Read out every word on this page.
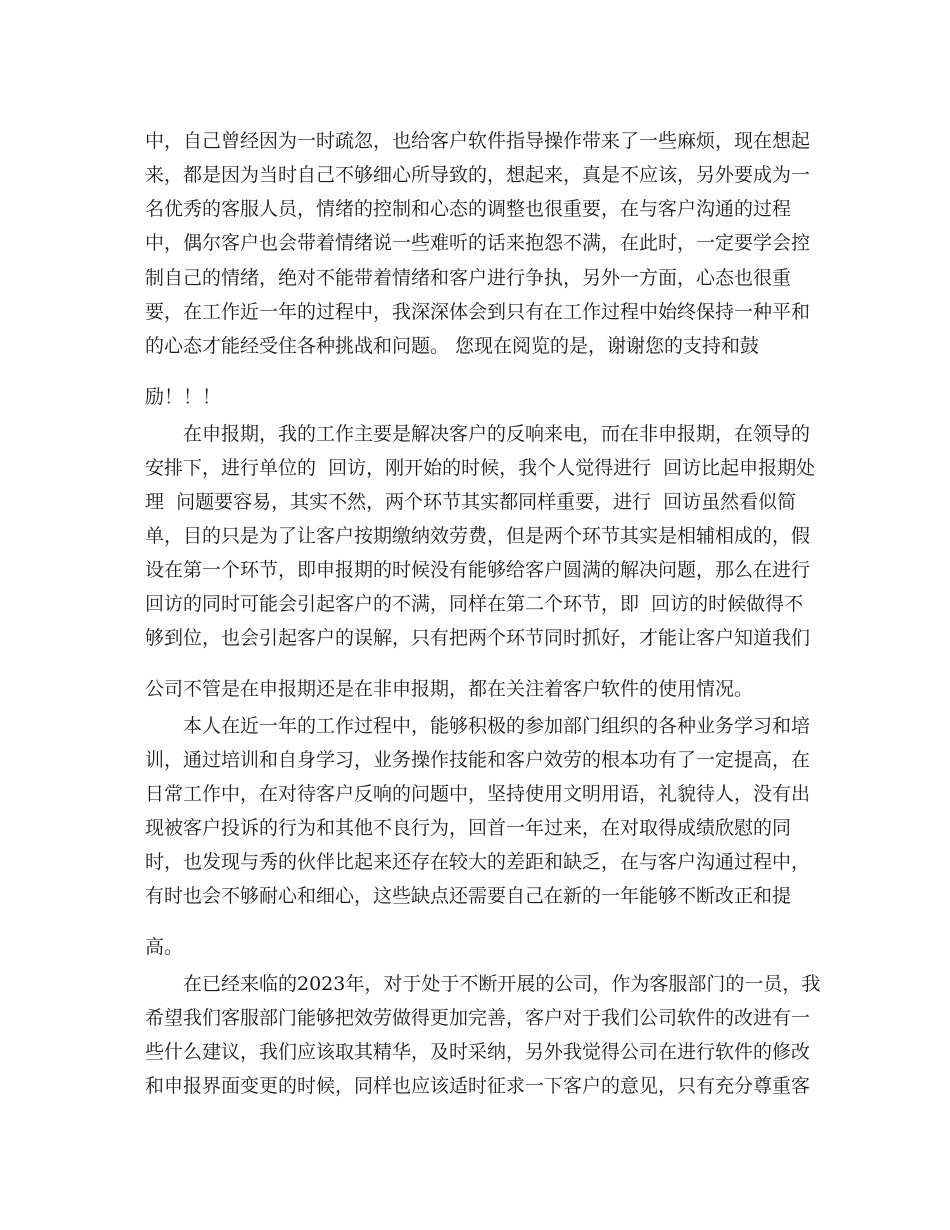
中，自己曾经因为一时疏忽，也给客户软件指导操作带来了一些麻烦，现在想起

来，都是因为当时自己不够细心所导致的，想起来，真是不应该，另外要成为一

名优秀的客服人员，情绪的控制和心态的调整也很重要，在与客户沟通的过程

中，偶尔客户也会带着情绪说一些难听的话来抱怨不满，在此时，一定要学会控

制自己的情绪，绝对不能带着情绪和客户进行争执，另外一方面，心态也很重

要，在工作近一年的过程中，我深深体会到只有在工作过程中始终保持一种平和

的心态才能经受住各种挑战和问题。 您现在阅览的是，谢谢您的支持和鼓

励！！！

在申报期，我的工作主要是解决客户的反响来电，而在非申报期，在领导的

安排下，进行单位的  回访，刚开始的时候，我个人觉得进行  回访比起申报期处

理  问题要容易，其实不然，两个环节其实都同样重要，进行  回访虽然看似简

单，目的只是为了让客户按期缴纳效劳费，但是两个环节其实是相辅相成的，假

设在第一个环节，即申报期的时候没有能够给客户圆满的解决问题，那么在进行

回访的同时可能会引起客户的不满，同样在第二个环节，即  回访的时候做得不

够到位，也会引起客户的误解，只有把两个环节同时抓好，才能让客户知道我们

公司不管是在申报期还是在非申报期，都在关注着客户软件的使用情况。

本人在近一年的工作过程中，能够积极的参加部门组织的各种业务学习和培

训，通过培训和自身学习，业务操作技能和客户效劳的根本功有了一定提高，在

日常工作中，在对待客户反响的问题中，坚持使用文明用语，礼貌待人，没有出

现被客户投诉的行为和其他不良行为，回首一年过来，在对取得成绩欣慰的同

时，也发现与秀的伙伴比起来还存在较大的差距和缺乏，在与客户沟通过程中，

有时也会不够耐心和细心，这些缺点还需要自己在新的一年能够不断改正和提

高。

在已经来临的2023年，对于处于不断开展的公司，作为客服部门的一员，我

希望我们客服部门能够把效劳做得更加完善，客户对于我们公司软件的改进有一

些什么建议，我们应该取其精华，及时采纳，另外我觉得公司在进行软件的修改

和申报界面变更的时候，同样也应该适时征求一下客户的意见，只有充分尊重客
